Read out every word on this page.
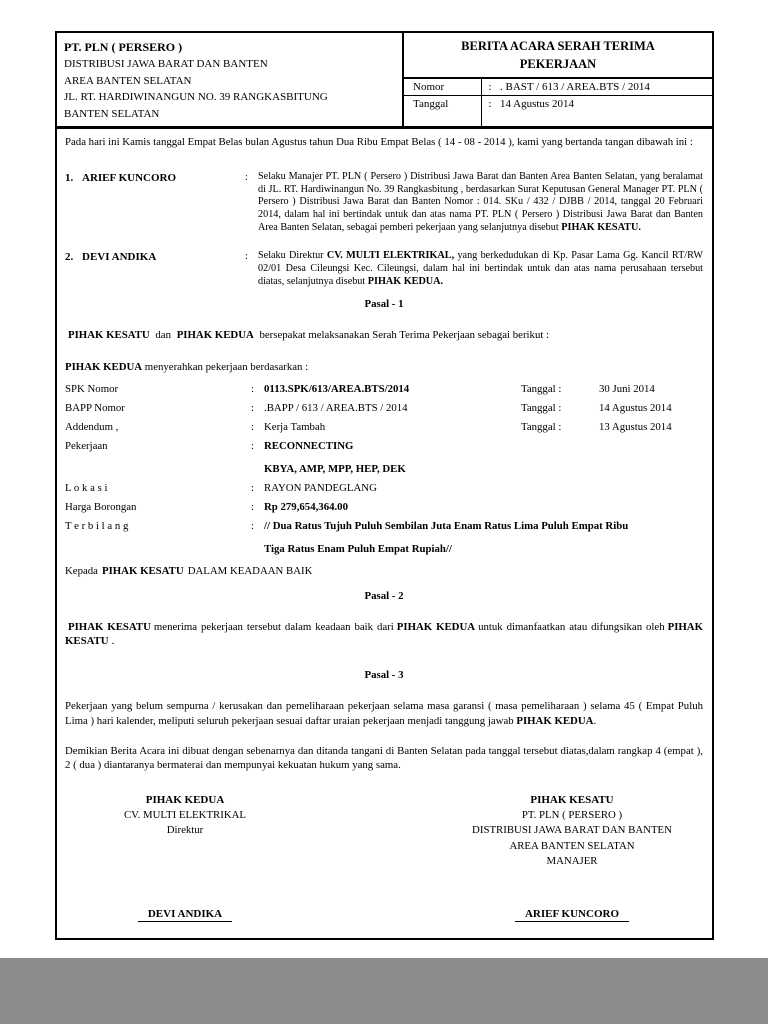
PT. PLN ( PERSERO )
DISTRIBUSI JAWA BARAT DAN BANTEN
AREA BANTEN SELATAN
JL. RT. HARDIWINANGUN NO. 39 RANGKASBITUNG
BANTEN SELATAN
BERITA ACARA SERAH TERIMA
PEKERJAAN
Nomor	: . BAST / 613 / AREA.BTS / 2014
Tanggal	: 14 Agustus 2014

Pada hari ini Kamis tanggal Empat Belas bulan Agustus tahun Dua Ribu Empat Belas ( 14 - 08 - 2014 ), kami yang bertanda tangan dibawah ini :

1. ARIEF KUNCORO	: Selaku Manajer PT. PLN ( Persero ) Distribusi Jawa Barat dan Banten Area Banten Selatan, yang beralamat di JL. RT. Hardiwinangun No. 39 Rangkasbitung , berdasarkan Surat Keputusan General Manager PT. PLN ( Persero ) Distribusi Jawa Barat dan Banten Nomor : 014. SKu / 432 / DJBB / 2014, tanggal 20 Februari 2014, dalam hal ini bertindak untuk dan atas nama PT. PLN ( Persero ) Distribusi Jawa Barat dan Banten Area Banten Selatan, sebagai pemberi pekerjaan yang selanjutnya disebut PIHAK KESATU.
2. DEVI ANDIKA	: Selaku Direktur CV. MULTI ELEKTRIKAL, yang berkedudukan di Kp. Pasar Lama Gg. Kancil RT/RW 02/01 Desa Cileungsi Kec. Cileungsi, dalam hal ini bertindak untuk dan atas nama perusahaan tersebut diatas, selanjutnya disebut PIHAK KEDUA.
Pasal - 1

PIHAK KESATU dan PIHAK KEDUA bersepakat melaksanakan Serah Terima Pekerjaan sebagai berikut :

PIHAK KEDUA menyerahkan pekerjaan berdasarkan :

SPK Nomor	: 0113.SPK/613/AREA.BTS/2014	Tanggal :	30 Juni 2014
BAPP Nomor	: .BAPP / 613 / AREA.BTS / 2014	Tanggal :	14 Agustus 2014
Addendum ,	: Kerja Tambah	Tanggal :	13 Agustus 2014
Pekerjaan	: RECONNECTING
KBYA, AMP, MPP, HEP, DEK
L o k a s i	: RAYON PANDEGLANG
Harga Borongan	: Rp 279,654,364.00
T e r b i l a n g	: // Dua Ratus Tujuh Puluh Sembilan Juta Enam Ratus Lima Puluh Empat Ribu
Tiga Ratus Enam Puluh Empat Rupiah//

Kepada PIHAK KESATU DALAM KEADAAN BAIK

Pasal - 2

PIHAK KESATU menerima pekerjaan tersebut dalam keadaan baik dari PIHAK KEDUA untuk dimanfaatkan atau difungsikan oleh PIHAK KESATU .

Pasal - 3

Pekerjaan yang belum sempurna / kerusakan dan pemeliharaan pekerjaan selama masa garansi ( masa pemeliharaan ) selama 45 ( Empat Puluh Lima ) hari kalender, meliputi seluruh pekerjaan sesuai daftar uraian pekerjaan menjadi tanggung jawab PIHAK KEDUA.

Demikian Berita Acara ini dibuat dengan sebenarnya dan ditanda tangani di Banten Selatan pada tanggal tersebut diatas,dalam rangkap 4 (empat ), 2 ( dua ) diantaranya bermaterai dan mempunyai kekuatan hukum yang sama.

PIHAK KEDUA
CV. MULTI ELEKTRIKAL
Direktur
PIHAK KESATU
PT. PLN ( PERSERO )
DISTRIBUSI JAWA BARAT DAN BANTEN
AREA BANTEN SELATAN
MANAJER
DEVI ANDIKA	ARIEF KUNCORO
